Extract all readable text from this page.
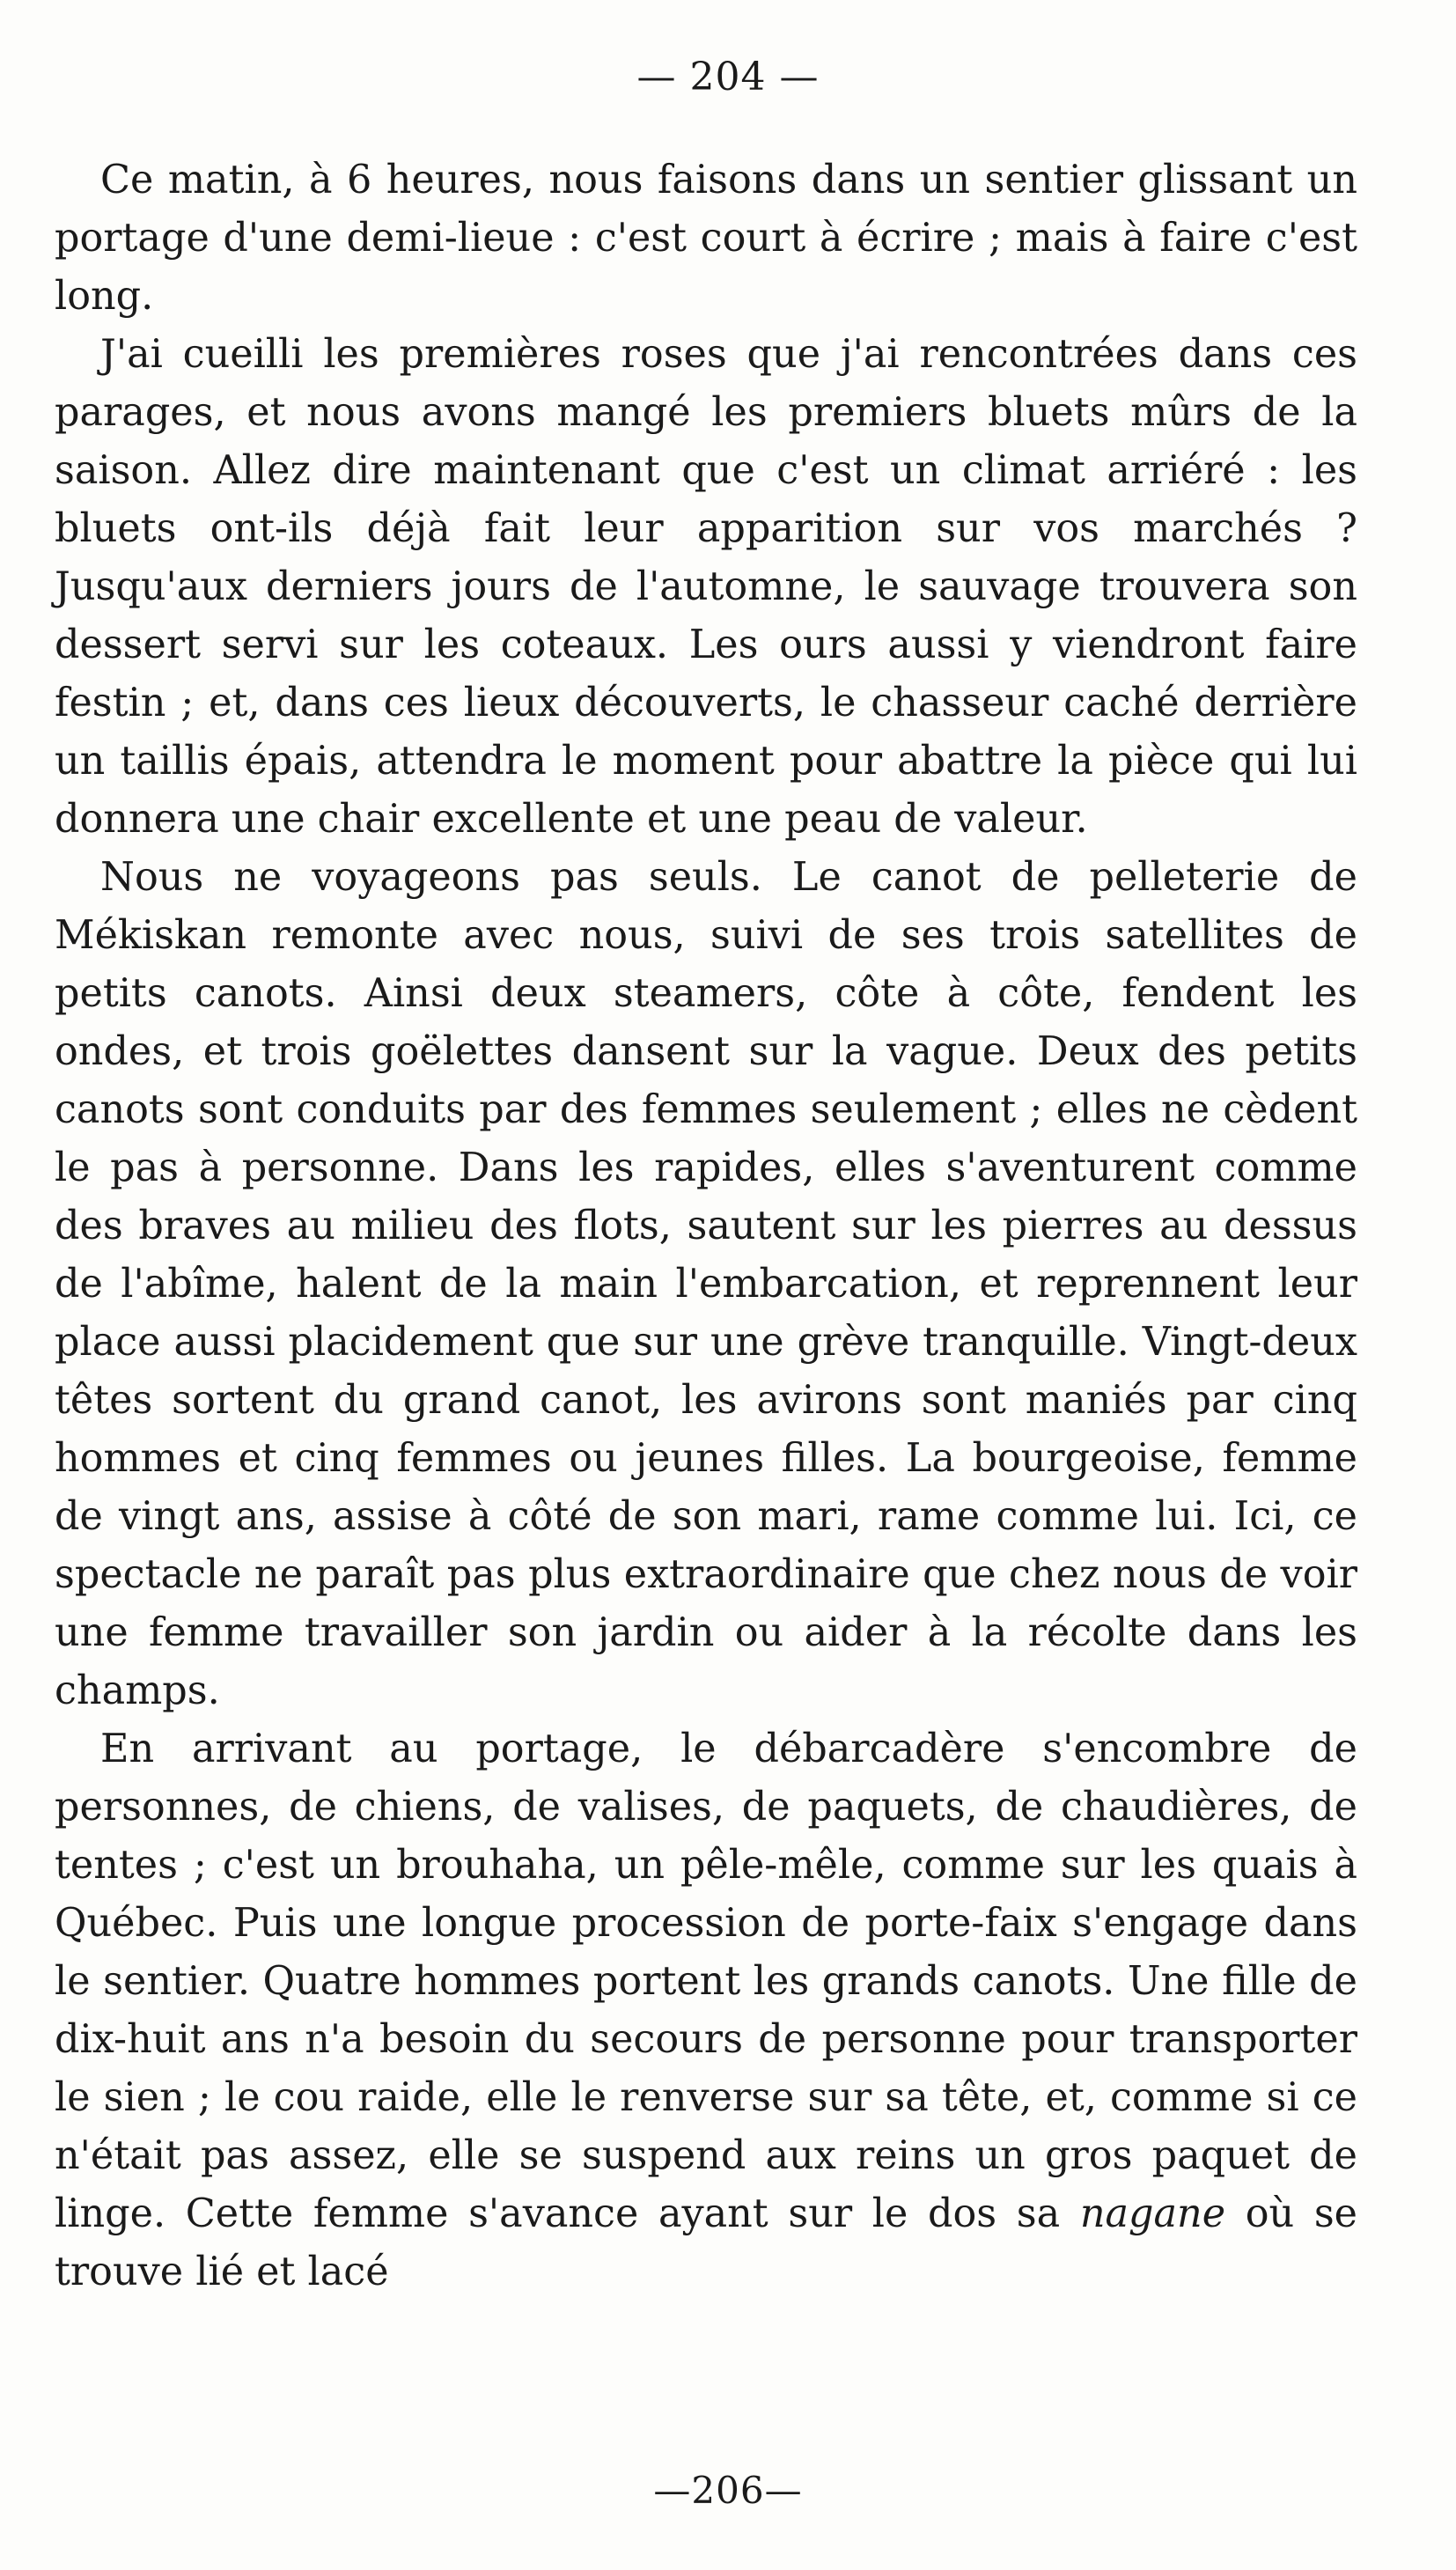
— 204 —

Ce matin, à 6 heures, nous faisons dans un sentier glissant un portage d'une demi-lieue : c'est court à écrire ; mais à faire c'est long.

J'ai cueilli les premières roses que j'ai rencontrées dans ces parages, et nous avons mangé les premiers bluets mûrs de la saison. Allez dire maintenant que c'est un climat arriéré : les bluets ont-ils déjà fait leur apparition sur vos marchés ? Jusqu'aux derniers jours de l'automne, le sauvage trouvera son dessert servi sur les coteaux. Les ours aussi y viendront faire festin ; et, dans ces lieux découverts, le chasseur caché derrière un taillis épais, attendra le moment pour abattre la pièce qui lui donnera une chair excellente et une peau de valeur.

Nous ne voyageons pas seuls. Le canot de pelleterie de Mékiskan remonte avec nous, suivi de ses trois satellites de petits canots. Ainsi deux steamers, côte à côte, fendent les ondes, et trois goëlettes dansent sur la vague. Deux des petits canots sont conduits par des femmes seulement ; elles ne cèdent le pas à personne. Dans les rapides, elles s'aventurent comme des braves au milieu des flots, sautent sur les pierres au dessus de l'abîme, halent de la main l'embarcation, et reprennent leur place aussi placidement que sur une grève tranquille. Vingt-deux têtes sortent du grand canot, les avirons sont maniés par cinq hommes et cinq femmes ou jeunes filles. La bourgeoise, femme de vingt ans, assise à côté de son mari, rame comme lui. Ici, ce spectacle ne paraît pas plus extraordinaire que chez nous de voir une femme travailler son jardin ou aider à la récolte dans les champs.

En arrivant au portage, le débarcadère s'encombre de personnes, de chiens, de valises, de paquets, de chaudières, de tentes ; c'est un brouhaha, un pêle-mêle, comme sur les quais à Québec. Puis une longue procession de porte-faix s'engage dans le sentier. Quatre hommes portent les grands canots. Une fille de dix-huit ans n'a besoin du secours de personne pour transporter le sien ; le cou raide, elle le renverse sur sa tête, et, comme si ce n'était pas assez, elle se suspend aux reins un gros paquet de linge. Cette femme s'avance ayant sur le dos sa nagane où se trouve lié et lacé

—206—
